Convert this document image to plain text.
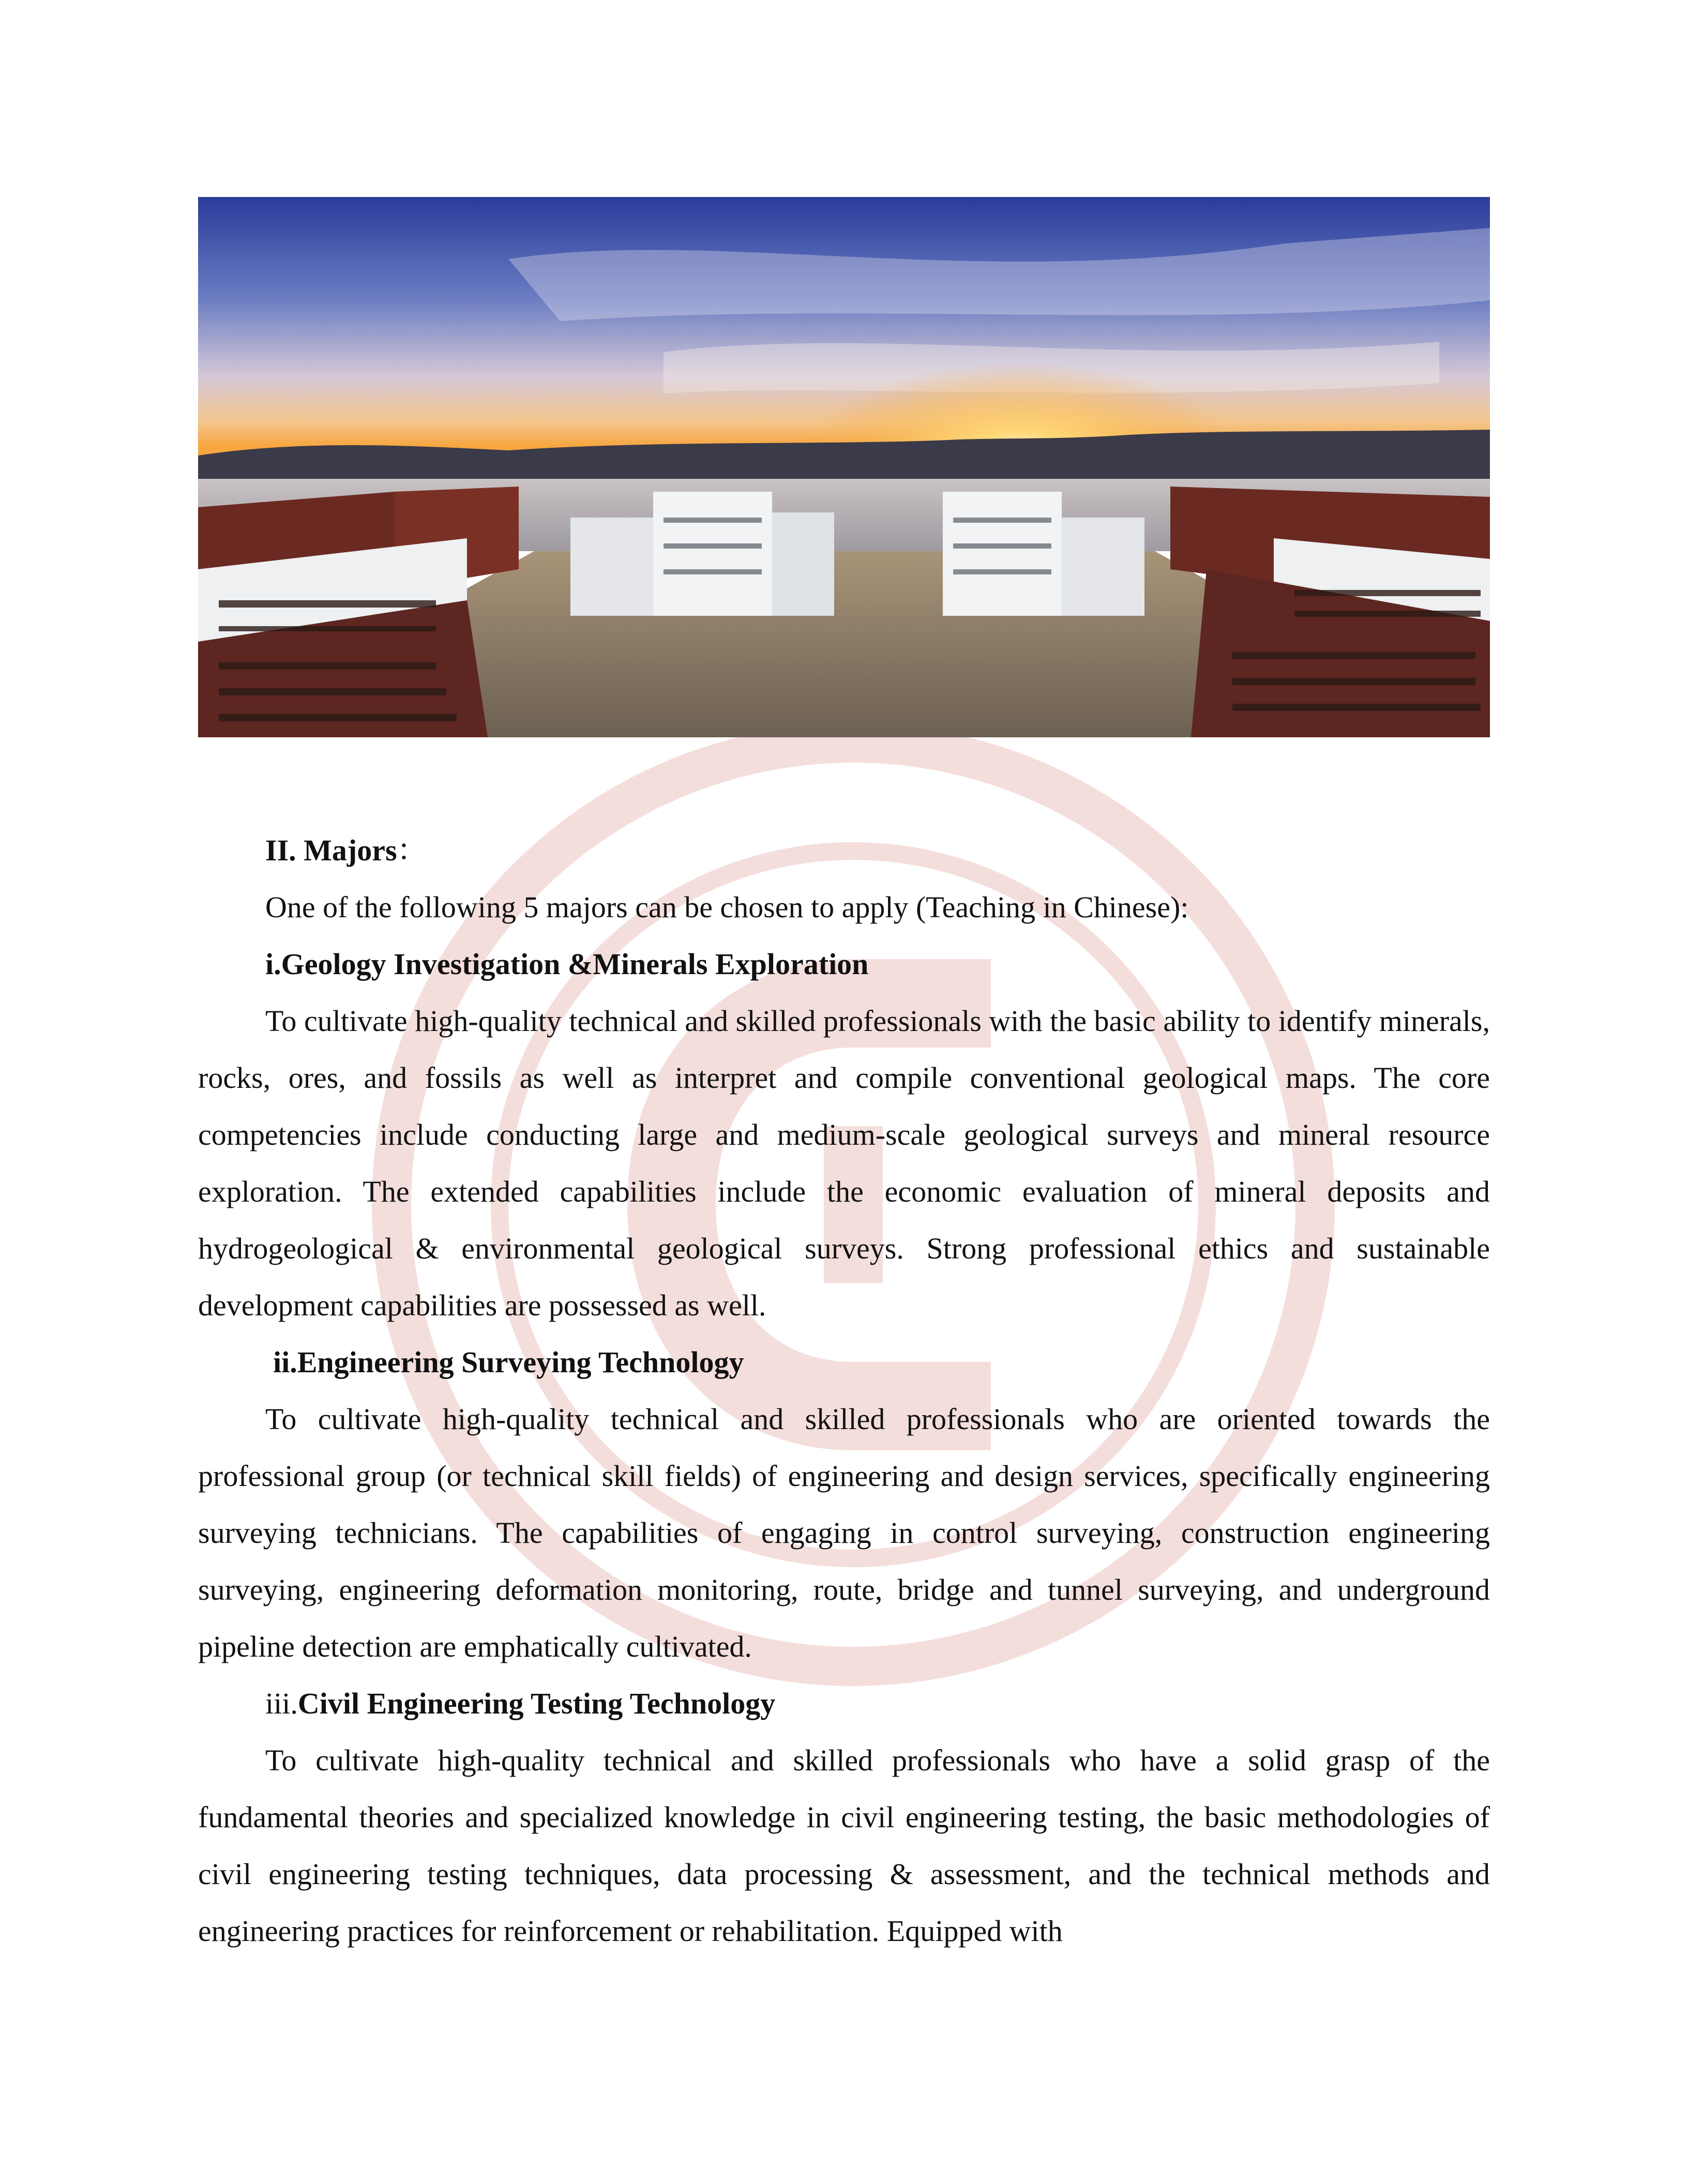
II. Majors：

One of the following 5 majors can be chosen to apply (Teaching in Chinese):

i.Geology Investigation &Minerals Exploration

To cultivate high-quality technical and skilled professionals with the basic ability to identify minerals, rocks, ores, and fossils as well as interpret and compile conventional geological maps. The core competencies include conducting large and medium-scale geological surveys and mineral resource exploration. The extended capabilities include the economic evaluation of mineral deposits and hydrogeological & environmental geological surveys. Strong professional ethics and sustainable development capabilities are possessed as well.

ii.Engineering Surveying Technology

To cultivate high-quality technical and skilled professionals who are oriented towards the professional group (or technical skill fields) of engineering and design services, specifically engineering surveying technicians. The capabilities of engaging in control surveying, construction engineering surveying, engineering deformation monitoring, route, bridge and tunnel surveying, and underground pipeline detection are emphatically cultivated.

iii.Civil Engineering Testing Technology

To cultivate high-quality technical and skilled professionals who have a solid grasp of the fundamental theories and specialized knowledge in civil engineering testing, the basic methodologies of civil engineering testing techniques, data processing & assessment, and the technical methods and engineering practices for reinforcement or rehabilitation. Equipped with
